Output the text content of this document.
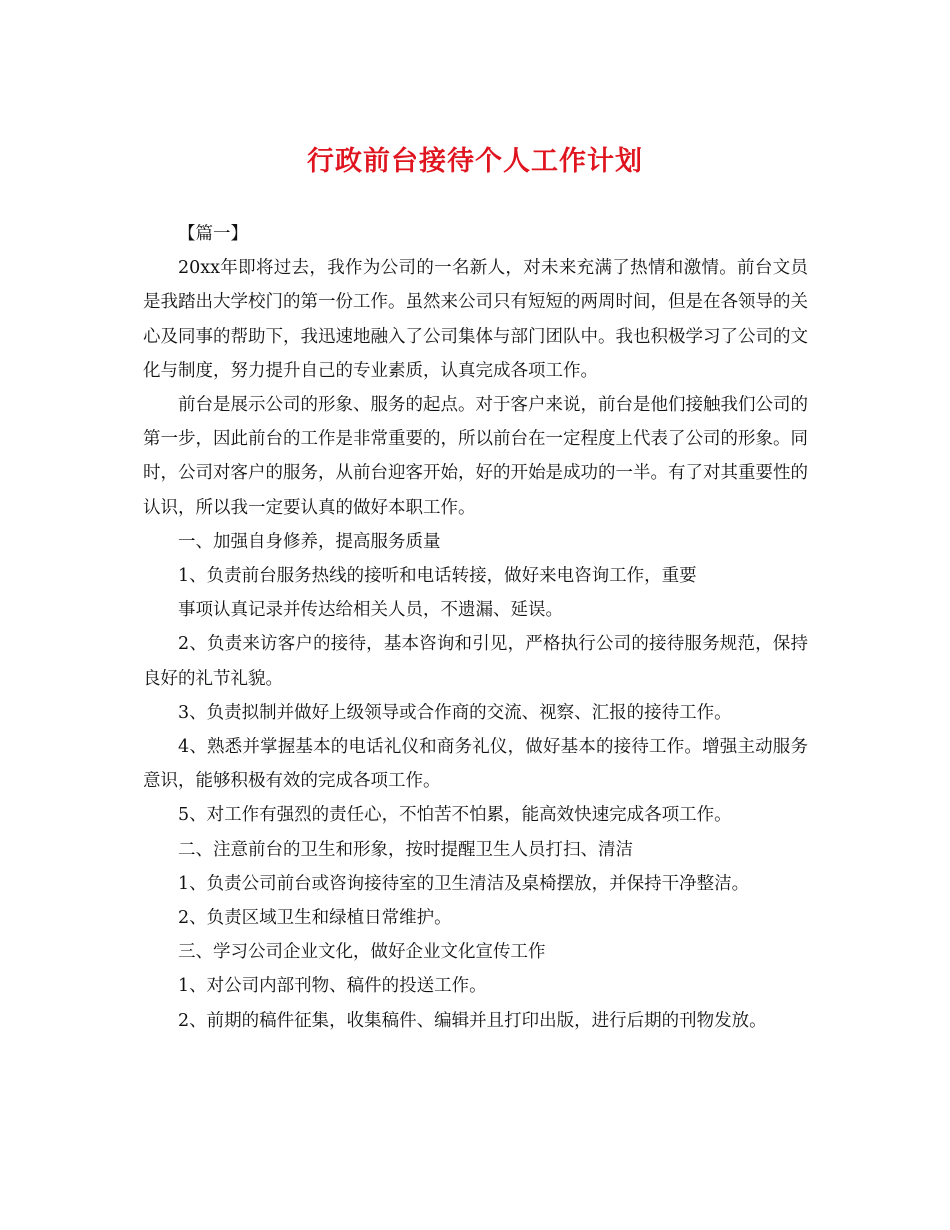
行政前台接待个人工作计划

【篇一】

20xx年即将过去，我作为公司的一名新人，对未来充满了热情和激情。前台文员是我踏出大学校门的第一份工作。虽然来公司只有短短的两周时间，但是在各领导的关心及同事的帮助下，我迅速地融入了公司集体与部门团队中。我也积极学习了公司的文化与制度，努力提升自己的专业素质，认真完成各项工作。

前台是展示公司的形象、服务的起点。对于客户来说，前台是他们接触我们公司的第一步，因此前台的工作是非常重要的，所以前台在一定程度上代表了公司的形象。同时，公司对客户的服务，从前台迎客开始，好的开始是成功的一半。有了对其重要性的认识，所以我一定要认真的做好本职工作。

一、加强自身修养，提高服务质量

1、负责前台服务热线的接听和电话转接，做好来电咨询工作，重要

事项认真记录并传达给相关人员，不遗漏、延误。

2、负责来访客户的接待，基本咨询和引见，严格执行公司的接待服务规范，保持良好的礼节礼貌。

3、负责拟制并做好上级领导或合作商的交流、视察、汇报的接待工作。

4、熟悉并掌握基本的电话礼仪和商务礼仪，做好基本的接待工作。增强主动服务意识，能够积极有效的完成各项工作。

5、对工作有强烈的责任心，不怕苦不怕累，能高效快速完成各项工作。

二、注意前台的卫生和形象，按时提醒卫生人员打扫、清洁

1、负责公司前台或咨询接待室的卫生清洁及桌椅摆放，并保持干净整洁。

2、负责区域卫生和绿植日常维护。

三、学习公司企业文化，做好企业文化宣传工作

1、对公司内部刊物、稿件的投送工作。

2、前期的稿件征集，收集稿件、编辑并且打印出版，进行后期的刊物发放。
